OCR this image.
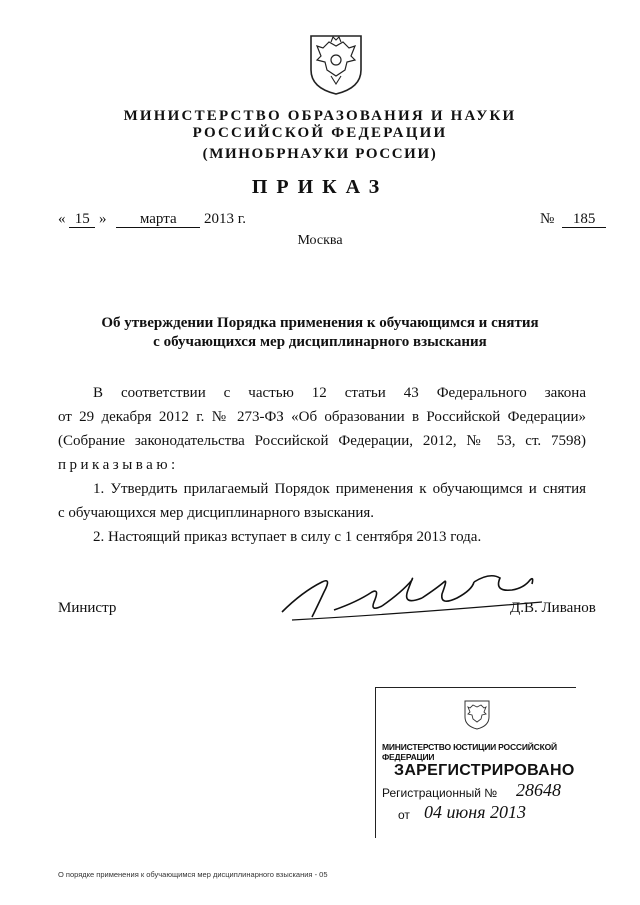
МИНИСТЕРСТВО ОБРАЗОВАНИЯ И НАУКИ
РОССИЙСКОЙ ФЕДЕРАЦИИ
(МИНОБРНАУКИ РОССИИ)
ПРИКАЗ
« 15 » марта 2013 г.	№ 185
Москва
Об утверждении Порядка применения к обучающимся и снятия
с обучающихся мер дисциплинарного взыскания
В соответствии с частью 12 статьи 43 Федерального закона
от 29 декабря 2012 г. № 273-ФЗ «Об образовании в Российской Федерации»
(Собрание законодательства Российской Федерации, 2012, № 53, ст. 7598)
приказываю:
1. Утвердить прилагаемый Порядок применения к обучающимся и снятия
с обучающихся мер дисциплинарного взыскания.
2. Настоящий приказ вступает в силу с 1 сентября 2013 года.
Министр	Д.В. Ливанов
МИНИСТЕРСТВО ЮСТИЦИИ РОССИЙСКОЙ ФЕДЕРАЦИИ
ЗАРЕГИСТРИРОВАНО
Регистрационный № 28648
от 04 июня 2013
О порядке применения к обучающимся мер дисциплинарного взыскания - 05
